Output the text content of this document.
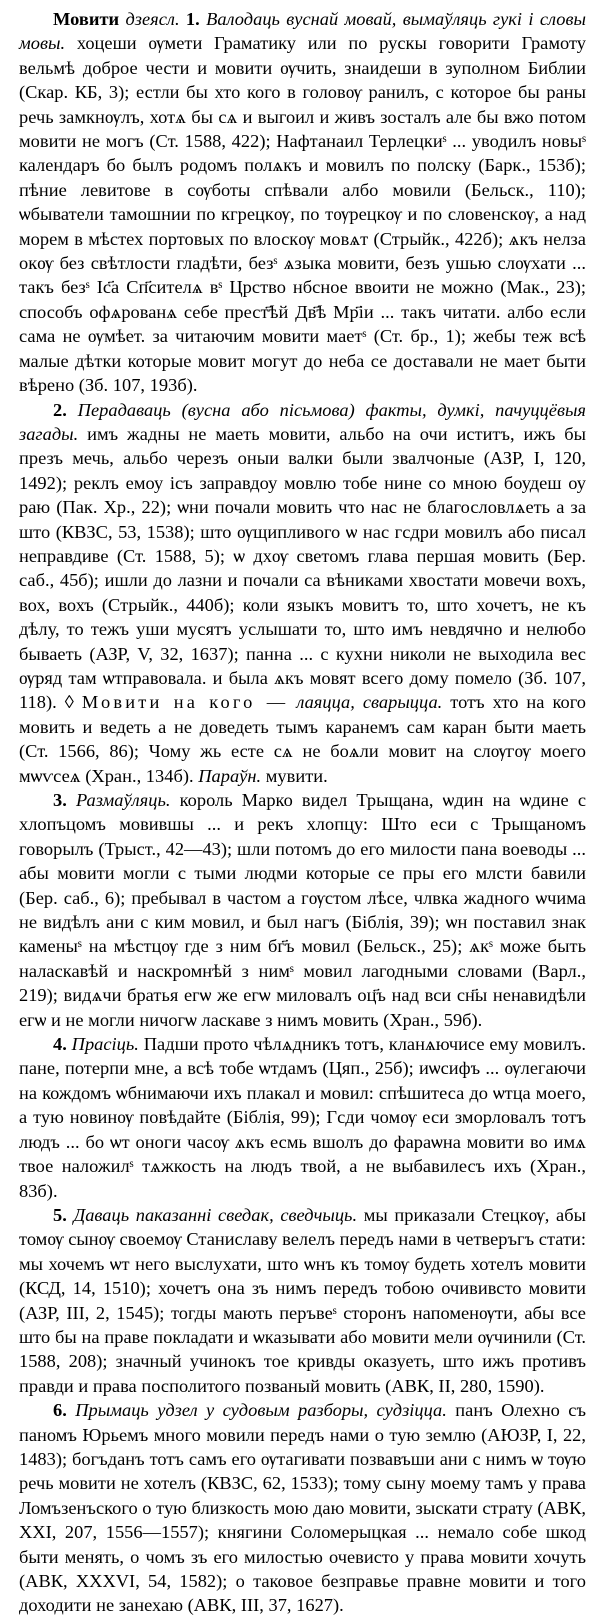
Мовити дзеясл. 1. Валодаць вуснай мовай, вымаўляць гукі і словы мовы. хоцеши ѹмети Граматику или по рускы говорити Грамоту вельмѣ доброе чести и мовити ѹчить, знаидеши в зуполном Библии (Скар. КБ, 3); естли бы хто кого в головѹ ранилъ, с которое бы раны речь замкнѹлъ, хотѧ бы сѧ и выгоил и живъ зосталъ але бы вжо потом мовити не могъ (Ст. 1588, 422); Нафтанаил Терлецкиˢ ... уводилъ новыˢ календаръ бо былъ родомъ полѧкъ и мовилъ по полску (Барк., 153б); пѣние левитове в сѹботы спѣвали албо мовили (Бельск., 110); ѡбыватели тамошнии по кгрецкѹ, по тѹрецкѹ и по словенскѹ, а над морем в мѣстех портовых по влоскѹ мовѧт (Стрыйк., 422б); ѧкъ нелза окѹ без свѣтлости гладѣти, безˢ ѧзыка мовити, безъ ушью слѹхати ... такъ безˢ Іс҃а Сп҃сителѧ вˢ Црство нбсное ввоити не можно (Мак., 23); способъ офѧрованѧ себе прест҃ѣй Дв҃ѣ Мр҃іи ... такъ читати. албо если сама не ѹмѣет. за читаючим мовити маетˢ (Ст. бр., 1); жебы теж всѣ малые дѣтки которые мовит могут до неба се доставали не мает быти вѣрено (Зб. 107, 193б).

2. Перадаваць (вусна або пісьмова) факты, думкі, пачуццёвыя загады. имъ жадны не маеть мовити, альбо на очи иститъ, ижъ бы презъ мечь, альбо черезъ оныи валки были звалчоные (АЗР, I, 120, 1492); реклъ емоу ісъ заправдоу мовлю тобе нине со мною боудеш оу раю (Пак. Хр., 22); ѡни почали мовить что нас не благословлѧеть а за што (КВЗС, 53, 1538); што ѹщипливого ѡ нас гсдри мовилъ або писал неправдиве (Ст. 1588, 5); ѡ дхѹ светомъ глава першая мовить (Бер. саб., 45б); ишли до лазни и почали са вѣниками хвостати мовечи вохъ, вох, вохъ (Стрыйк., 440б); коли языкъ мовитъ то, што хочетъ, не къ дѣлу, то тежъ уши мусятъ услышати то, што имъ невдячно и нелюбо бываеть (АЗР, V, 32, 1637); панна ... с кухни николи не выходила вес ѹряд там ѡтправовала. и была ѧкъ мовят всего дому помело (Зб. 107, 118). ◊ Мовити на кого — лаяцца, сварыцца. тотъ хто на кого мовить и ведеть а не доведеть тымъ каранемъ сам каран быти маеть (Ст. 1566, 86); Чому жь есте сѧ не боѧли мовит на слѹгѹ моего мѡѵсеѧ (Хран., 134б). Параўн. мувити.

3. Размаўляць. король Марко видел Трыщана, ѡдин на ѡдине с хлопъцомъ мовившы ... и рекъ хлопцу: Што еси с Трыщаномъ говорылъ (Трыст., 42—43); шли потомъ до его милости пана воеводы ... абы мовити могли с тыми людми которые се пры его млсти бавили (Бер. саб., 6); пребывал в частом а гѹстом лѣсе, члвка жадного ѡчима не видѣлъ ани с ким мовил, и был нагъ (Біблія, 39); ѡн поставил знак каменыˢ на мѣстцѹ где з ним бг҃ъ мовил (Бельск., 25); ѧкˢ може быть наласкавѣй и наскромнѣй з нимˢ мовил лагодными словами (Варл., 219); видѧчи братья егѡ же егѡ миловалъ оц҃ъ над вси сн҃ы ненавидѣли егѡ и не могли ничогѡ ласкаве з нимъ мовить (Хран., 59б).

4. Прасіць. Падши прото чѣлѧдникъ тотъ, кланѧючисе ему мовилъ. пане, потерпи мне, а всѣ тобе ѡтдамъ (Цяп., 25б); иѡсифъ ... ѹлегаючи на кождомъ ѡбнимаючи ихъ плакал и мовил: спѣшитеса до ѡтца моего, а тую новинѹ повѣдайте (Біблія, 99); Гсди чомѹ еси зморловалъ тотъ людъ ... бо ѡт оноги часѹ ѧкъ есмь вшолъ до фараѡна мовити во имѧ твое наложилˢ тѧжкость на людъ твой, а не выбавилесъ ихъ (Хран., 83б).

5. Даваць паказанні сведак, сведчыць. мы приказали Стецкѹ, абы томѹ сынѹ своемѹ Станиславу велелъ передъ нами в четверъгъ стати: мы хочемъ ѡт него выслухати, што ѡнъ къ томѹ будеть хотелъ мовити (КСД, 14, 1510); хочетъ она зъ нимъ передъ тобою очививсто мовити (АЗР, III, 2, 1545); тогды мають перъвеˢ сторонъ напоменѹти, абы все што бы на праве покладати и ѡказывати або мовити мели ѹчинили (Ст. 1588, 208); значный учинокъ тое кривды оказуеть, што ижъ противъ правди и права посполитого позваный мовить (АВК, II, 280, 1590).

6. Прымаць удзел у судовым разборы, судзіцца. панъ Олехно съ паномъ Юрьемъ много мовили передъ нами о тую землю (АЮЗР, I, 22, 1483); богъданъ тотъ самъ его ѹтагивати позвавъши ани с нимъ ѡ тѹю речь мовити не хотелъ (КВЗС, 62, 1533); тому сыну моему тамъ у права Ломъзенъского о тую близкость мою даю мовити, зыскати страту (АВК, XXI, 207, 1556—1557); княгини Соломерыцкая ... немало собе шкод быти менять, о чомъ зъ его милостью очевисто у права мовити хочуть (АВК, XXXVI, 54, 1582); о таковое безправье правне мовити и того доходити не занехаю (АВК, III, 37, 1627).
